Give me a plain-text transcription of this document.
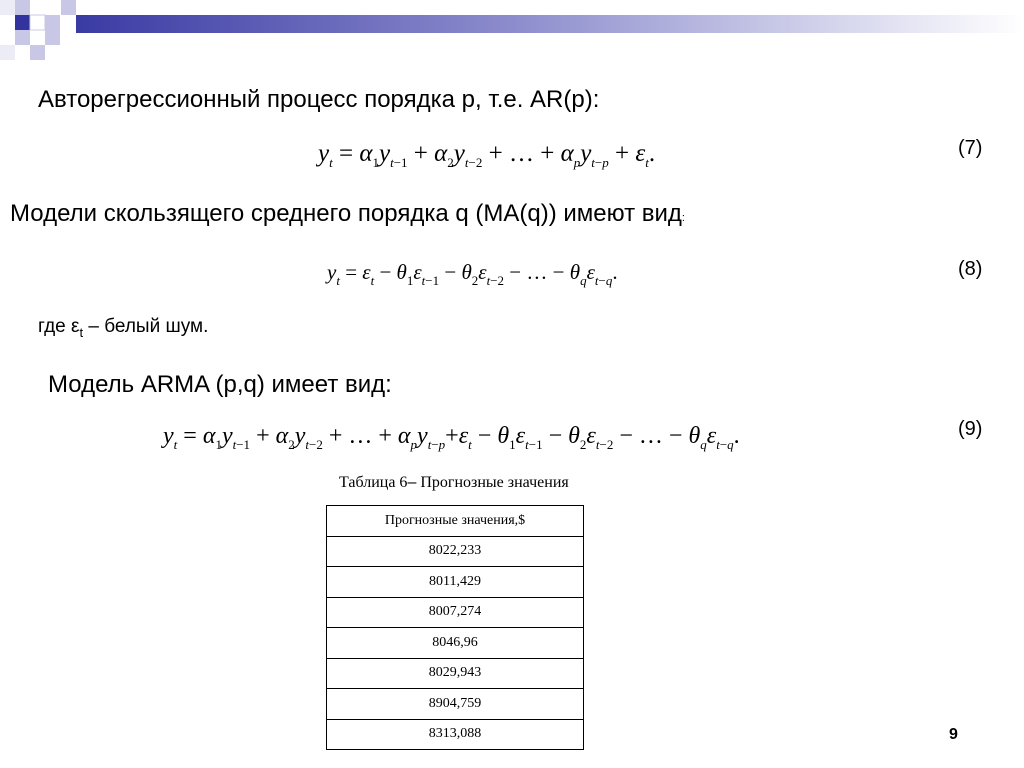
Авторегрессионный процесс порядка p, т.е. AR(p):
$y_t = \alpha_1y_{t-1} + \alpha_2y_{t-2}$ + … + $\alpha_py_{t-p} + \varepsilon_t$.	(7)
Модели скользящего среднего порядка q (MA(q)) имеют вид:
$y_t = \varepsilon_t - \theta_1\varepsilon_{t-1} - \theta_2\varepsilon_{t-2}$ − … − $\theta_q\varepsilon_{t-q}$.	(8)
где $\varepsilon_t$ – белый шум.
Модель ARMA (p,q) имеет вид:
$y_t = \alpha_1y_{t-1} + \alpha_2y_{t-2}$ + … + $\alpha_py_{t-p}+\varepsilon_t - \theta_1\varepsilon_{t-1} - \theta_2\varepsilon_{t-2}$ − … − $\theta_q\varepsilon_{t-q}$.	(9)
Таблица 6– Прогнозные значения
Прогнозные значения,$
8022,233
8011,429
8007,274
8046,96
8029,943
8904,759
8313,088	9
